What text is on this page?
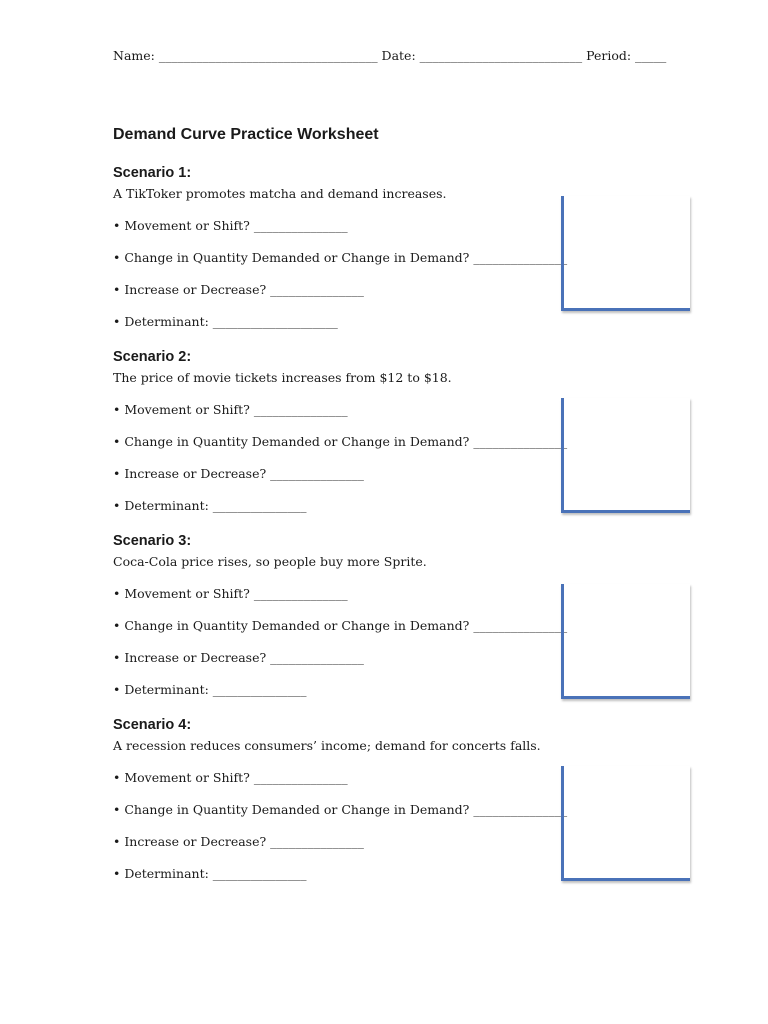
Name: ___________________________________ Date: __________________________ Period: _____
Demand Curve Practice Worksheet
Scenario 1:
A TikToker promotes matcha and demand increases.
• Movement or Shift? _______________
• Change in Quantity Demanded or Change in Demand? _______________
• Increase or Decrease? _______________
• Determinant: ____________________
Scenario 2:
The price of movie tickets increases from $12 to $18.
• Movement or Shift? _______________
• Change in Quantity Demanded or Change in Demand? _______________
• Increase or Decrease? _______________
• Determinant: _______________
Scenario 3:
Coca-Cola price rises, so people buy more Sprite.
• Movement or Shift? _______________
• Change in Quantity Demanded or Change in Demand? _______________
• Increase or Decrease? _______________
• Determinant: _______________
Scenario 4:
A recession reduces consumers’ income; demand for concerts falls.
• Movement or Shift? _______________
• Change in Quantity Demanded or Change in Demand? _______________
• Increase or Decrease? _______________
• Determinant: _______________
